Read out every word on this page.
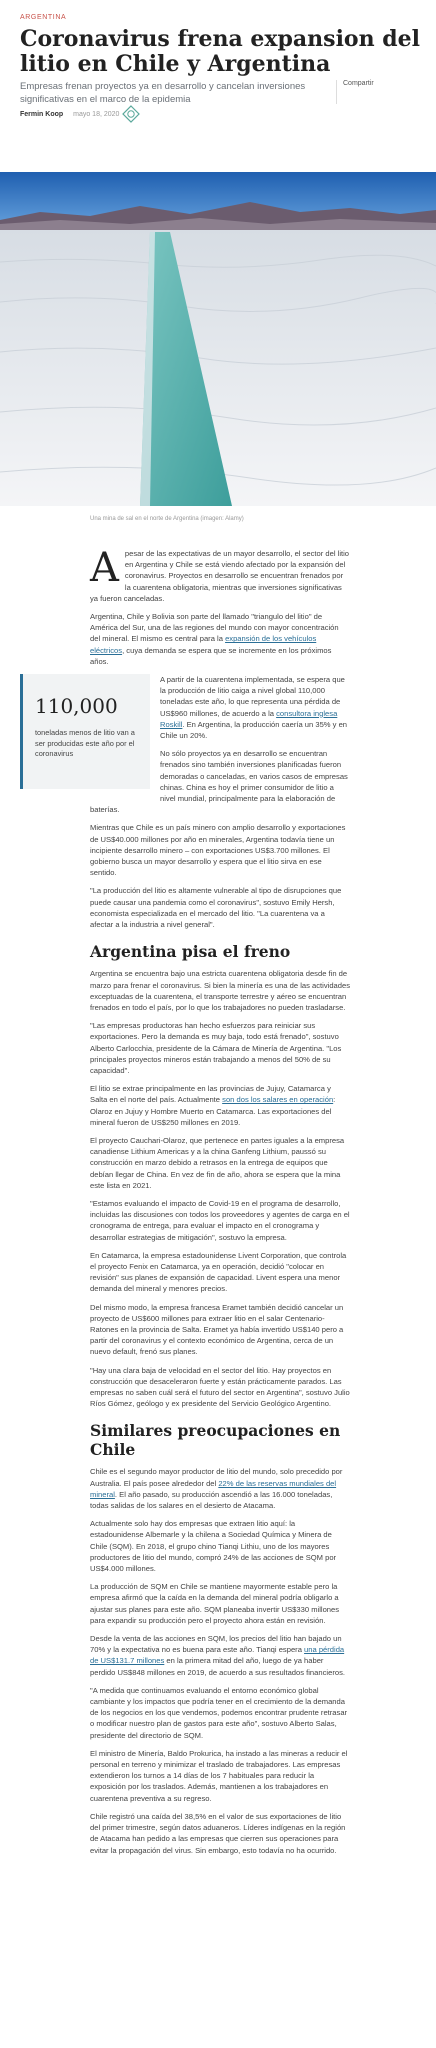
ARGENTINA
Coronavirus frena expansion del litio en Chile y Argentina
Empresas frenan proyectos ya en desarrollo y cancelan inversiones significativas en el marco de la epidemia
Compartir
Fermin Koop mayo 18, 2020
Una mina de sal en el norte de Argentina (imagen: Alamy)

Apesar de las expectativas de un mayor desarrollo, el sector del litio en Argentina y Chile se está viendo afectado por la expansión del coronavirus. Proyectos en desarrollo se encuentran frenados por la cuarentena obligatoria, mientras que inversiones significativas ya fueron canceladas.

Argentina, Chile y Bolivia son parte del llamado "triangulo del litio" de América del Sur, una de las regiones del mundo con mayor concentración del mineral. El mismo es central para la expansión de los vehículos eléctricos, cuya demanda se espera que se incremente en los próximos años.

110,000
toneladas menos de litio van a ser producidas este año por el coronavirus

A partir de la cuarentena implementada, se espera que la producción de litio caiga a nivel global 110,000 toneladas este año, lo que representa una pérdida de US$960 millones, de acuerdo a la consultora inglesa Roskill. En Argentina, la producción caería un 35% y en Chile un 20%.

No sólo proyectos ya en desarrollo se encuentran frenados sino también inversiones planificadas fueron demoradas o canceladas, en varios casos de empresas chinas. China es hoy el primer consumidor de litio a nivel mundial, principalmente para la elaboración de baterías.

Mientras que Chile es un país minero con amplio desarrollo y exportaciones de US$40.000 millones por año en minerales, Argentina todavía tiene un incipiente desarrollo minero – con exportaciones US$3.700 millones. El gobierno busca un mayor desarrollo y espera que el litio sirva en ese sentido.

"La producción del litio es altamente vulnerable al tipo de disrupciones que puede causar una pandemia como el coronavirus", sostuvo Emily Hersh, economista especializada en el mercado del litio. "La cuarentena va a afectar a la industria a nivel general".

Argentina pisa el freno

Argentina se encuentra bajo una estricta cuarentena obligatoria desde fin de marzo para frenar el coronavirus. Si bien la minería es una de las actividades exceptuadas de la cuarentena, el transporte terrestre y aéreo se encuentran frenados en todo el país, por lo que los trabajadores no pueden trasladarse.

"Las empresas productoras han hecho esfuerzos para reiniciar sus exportaciones. Pero la demanda es muy baja, todo está frenado", sostuvo Alberto Carlocchia, presidente de la Cámara de Minería de Argentina. "Los principales proyectos mineros están trabajando a menos del 50% de su capacidad".

El litio se extrae principalmente en las provincias de Jujuy, Catamarca y Salta en el norte del país. Actualmente son dos los salares en operación: Olaroz en Jujuy y Hombre Muerto en Catamarca. Las exportaciones del mineral fueron de US$250 millones en 2019.

El proyecto Cauchari-Olaroz, que pertenece en partes iguales a la empresa canadiense Lithium Americas y a la china Ganfeng Lithium, paussó su construcción en marzo debido a retrasos en la entrega de equipos que debían llegar de China. En vez de fin de año, ahora se espera que la mina este lista en 2021.

"Estamos evaluando el impacto de Covid-19 en el programa de desarrollo, incluidas las discusiones con todos los proveedores y agentes de carga en el cronograma de entrega, para evaluar el impacto en el cronograma y desarrollar estrategias de mitigación", sostuvo la empresa.

En Catamarca, la empresa estadounidense Livent Corporation, que controla el proyecto Fenix en Catamarca, ya en operación, decidió "colocar en revisión" sus planes de expansión de capacidad. Livent espera una menor demanda del mineral y menores precios.

Del mismo modo, la empresa francesa Eramet también decidió cancelar un proyecto de US$600 millones para extraer litio en el salar Centenario-Ratones en la provincia de Salta. Eramet ya había invertido US$140 pero a partir del coronavirus y el contexto económico de Argentina, cerca de un nuevo default, frenó sus planes.

"Hay una clara baja de velocidad en el sector del litio. Hay proyectos en construcción que desaceleraron fuerte y están prácticamente parados. Las empresas no saben cuál será el futuro del sector en Argentina", sostuvo Julio Ríos Gómez, geólogo y ex presidente del Servicio Geológico Argentino.

Similares preocupaciones en Chile

Chile es el segundo mayor productor de litio del mundo, solo precedido por Australia. El país posee alrededor del 22% de las reservas mundiales del mineral. El año pasado, su producción ascendió a las 16.000 toneladas, todas salidas de los salares en el desierto de Atacama.

Actualmente solo hay dos empresas que extraen litio aquí: la estadounidense Albemarle y la chilena a Sociedad Química y Minera de Chile (SQM). En 2018, el grupo chino Tianqi Lithiu, uno de los mayores productores de litio del mundo, compró 24% de las acciones de SQM por US$4.000 millones.

La producción de SQM en Chile se mantiene mayormente estable pero la empresa afirmó que la caída en la demanda del mineral podría obligarlo a ajustar sus planes para este año. SQM planeaba invertir US$330 millones para expandir su producción pero el proyecto ahora están en revisión.

Desde la venta de las acciones en SQM, los precios del litio han bajado un 70% y la expectativa no es buena para este año. Tianqi espera una pérdida de US$131.7 millones en la primera mitad del año, luego de ya haber perdido US$848 millones en 2019, de acuerdo a sus resultados financieros.

"A medida que continuamos evaluando el entorno económico global cambiante y los impactos que podría tener en el crecimiento de la demanda de los negocios en los que vendemos, podemos encontrar prudente retrasar o modificar nuestro plan de gastos para este año", sostuvo Alberto Salas, presidente del directorio de SQM.

El ministro de Minería, Baldo Prokurica, ha instado a las mineras a reducir el personal en terreno y minimizar el traslado de trabajadores. Las empresas extendieron los turnos a 14 días de los 7 habituales para reducir la exposición por los traslados. Además, mantienen a los trabajadores en cuarentena preventiva a su regreso.

Chile registró una caída del 38,5% en el valor de sus exportaciones de litio del primer trimestre, según datos aduaneros. Líderes indígenas en la región de Atacama han pedido a las empresas que cierren sus operaciones para evitar la propagación del virus. Sin embargo, esto todavía no ha ocurrido.
